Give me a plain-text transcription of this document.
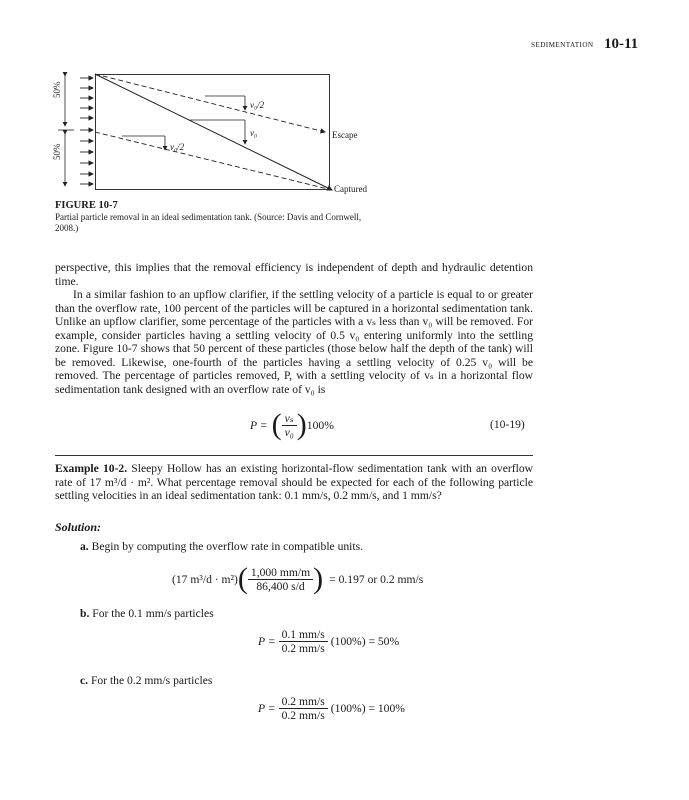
SEDIMENTATION 10-11
50%
50%
v₀/2
v₀
v₀/2
Escape
Captured
FIGURE 10-7
Partial particle removal in an ideal sedimentation tank. (Source: Davis and Cornwell, 2008.)

perspective, this implies that the removal efficiency is independent of depth and hydraulic detention time.

In a similar fashion to an upflow clarifier, if the settling velocity of a particle is equal to or greater than the overflow rate, 100 percent of the particles will be captured in a horizontal sedimentation tank. Unlike an upflow clarifier, some percentage of the particles with a vₛ less than v₀ will be removed. For example, consider particles having a settling velocity of 0.5 v₀ entering uniformly into the settling zone. Figure 10-7 shows that 50 percent of these particles (those below half the depth of the tank) will be removed. Likewise, one-fourth of the particles having a settling velocity of 0.25 v₀ will be removed. The percentage of particles removed, P, with a settling velocity of vₛ in a horizontal flow sedimentation tank designed with an overflow rate of v₀ is

P = ( $\frac{\text{vₛ}}{\text{v₀}}$ ) 100%	(10-19)
Example 10-2. Sleepy Hollow has an existing horizontal-flow sedimentation tank with an overflow rate of 17 m³/d · m². What percentage removal should be expected for each of the following particle settling velocities in an ideal sedimentation tank: 0.1 mm/s, 0.2 mm/s, and 1 mm/s?
Solution:
a. Begin by computing the overflow rate in compatible units.
(17 m³/d · m²) ( $\frac{1,000 mm/m}{86,400 s/d}$ ) = 0.197 or 0.2 mm/s
b. For the 0.1 mm/s particles
$P = \frac{0.1 mm/s}{0.2 mm/s} (100\%) = 50\%$
c. For the 0.2 mm/s particles
$P = \frac{0.2 mm/s}{0.2 mm/s} (100\%) = 100\%$
